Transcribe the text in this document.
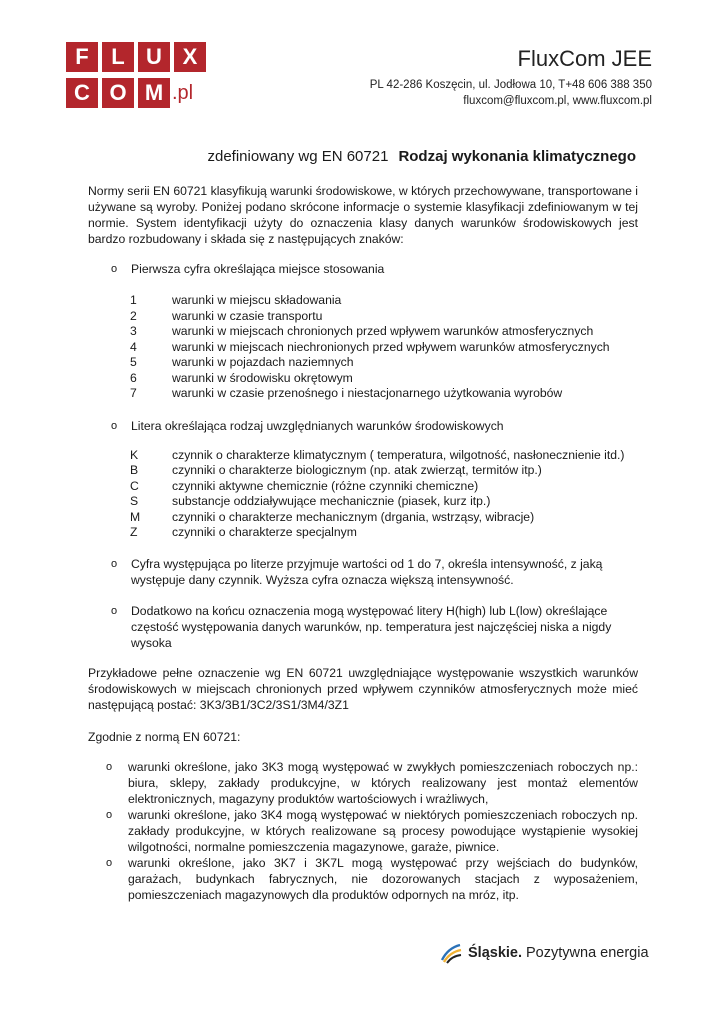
F	L U X
C O M .pl
FluxCom JEE
PL 42-286 Koszęcin, ul. Jodłowa 10, T+48 606 388 350
fluxcom@fluxcom.pl, www.fluxcom.pl
zdefiniowany wg EN 60721 Rodzaj wykonania klimatycznego

Normy serii EN 60721 klasyfikują warunki środowiskowe, w których przechowywane, transportowane i używane są wyroby. Poniżej podano skrócone informacje o systemie klasyfikacji zdefiniowanym w tej normie. System identyfikacji użyty do oznaczenia klasy danych warunków środowiskowych jest bardzo rozbudowany i składa się z następujących znaków:

o Pierwsza cyfra określająca miejsce stosowania
1	warunki w miejscu składowania
2	warunki w czasie transportu
3	warunki w miejscach chronionych przed wpływem warunków atmosferycznych
4	warunki w miejscach niechronionych przed wpływem warunków atmosferycznych
5	warunki w pojazdach naziemnych
6	warunki w środowisku okrętowym
7	warunki w czasie przenośnego i niestacjonarnego użytkowania wyrobów
o Litera określająca rodzaj uwzględnianych warunków środowiskowych
K	czynnik o charakterze klimatycznym ( temperatura, wilgotność, nasłonecznienie itd.)
B	czynniki o charakterze biologicznym (np. atak zwierząt, termitów itp.)
C	czynniki aktywne chemicznie (różne czynniki chemiczne)
S	substancje oddziaływujące mechanicznie (piasek, kurz itp.)
M	czynniki o charakterze mechanicznym (drgania, wstrząsy, wibracje)
Z	czynniki o charakterze specjalnym
o Cyfra występująca po literze przyjmuje wartości od 1 do 7, określa intensywność, z jaką występuje dany czynnik. Wyższa cyfra oznacza większą intensywność.

o Dodatkowo na końcu oznaczenia mogą występować litery H(high) lub L(low) określające częstość występowania danych warunków, np. temperatura jest najczęściej niska a nigdy wysoka

Przykładowe pełne oznaczenie wg EN 60721 uwzględniające występowanie wszystkich warunków środowiskowych w miejscach chronionych przed wpływem czynników atmosferycznych może mieć następującą postać: 3K3/3B1/3C2/3S1/3M4/3Z1

Zgodnie z normą EN 60721:

o warunki określone, jako 3K3 mogą występować w zwykłych pomieszczeniach roboczych np.: biura, sklepy, zakłady produkcyjne, w których realizowany jest montaż elementów elektronicznych, magazyny produktów wartościowych i wrażliwych,

o warunki określone, jako 3K4 mogą występować w niektórych pomieszczeniach roboczych np. zakłady produkcyjne, w których realizowane są procesy powodujące wystąpienie wysokiej wilgotności, normalne pomieszczenia magazynowe, garaże, piwnice.

o warunki określone, jako 3K7 i 3K7L mogą występować przy wejściach do budynków, garażach, budynkach fabrycznych, nie dozorowanych stacjach z wyposażeniem, pomieszczeniach magazynowych dla produktów odpornych na mróz, itp.

Śląskie. Pozytywna energia
